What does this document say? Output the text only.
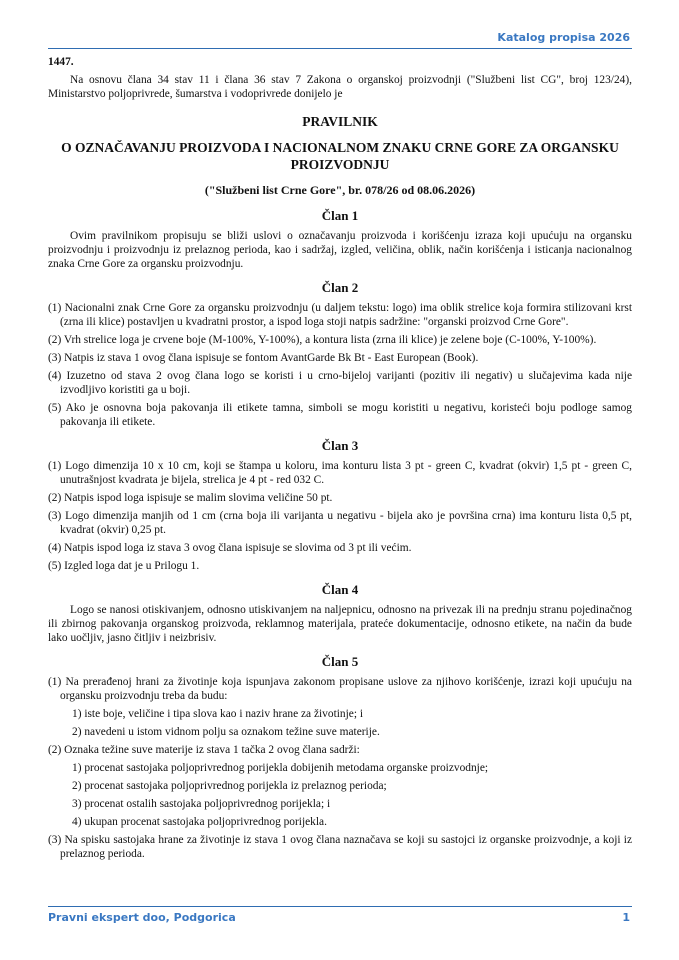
Katalog propisa 2026

1447.

Na osnovu člana 34 stav 11 i člana 36 stav 7 Zakona o organskoj proizvodnji ("Službeni list CG", broj 123/24), Ministarstvo poljoprivrede, šumarstva i vodoprivrede donijelo je

PRAVILNIK

O OZNAČAVANJU PROIZVODA I NACIONALNOM ZNAKU CRNE GORE ZA ORGANSKU PROIZVODNJU

("Službeni list Crne Gore", br. 078/26 od 08.06.2026)

Član 1

Ovim pravilnikom propisuju se bliži uslovi o označavanju proizvoda i korišćenju izraza koji upućuju na organsku proizvodnju i proizvodnju iz prelaznog perioda, kao i sadržaj, izgled, veličina, oblik, način korišćenja i isticanja nacionalnog znaka Crne Gore za organsku proizvodnju.

Član 2

(1) Nacionalni znak Crne Gore za organsku proizvodnju (u daljem tekstu: logo) ima oblik strelice koja formira stilizovani krst (zrna ili klice) postavljen u kvadratni prostor, a ispod loga stoji natpis sadržine: "organski proizvod Crne Gore".

(2) Vrh strelice loga je crvene boje (M-100%, Y-100%), a kontura lista (zrna ili klice) je zelene boje (C-100%, Y-100%).

(3) Natpis iz stava 1 ovog člana ispisuje se fontom AvantGarde Bk Bt - East European (Book).

(4) Izuzetno od stava 2 ovog člana logo se koristi i u crno-bijeloj varijanti (pozitiv ili negativ) u slučajevima kada nije izvodljivo koristiti ga u boji.

(5) Ako je osnovna boja pakovanja ili etikete tamna, simboli se mogu koristiti u negativu, koristeći boju podloge samog pakovanja ili etikete.

Član 3

(1) Logo dimenzija 10 x 10 cm, koji se štampa u koloru, ima konturu lista 3 pt - green C, kvadrat (okvir) 1,5 pt - green C, unutrašnjost kvadrata je bijela, strelica je 4 pt - red 032 C.

(2) Natpis ispod loga ispisuje se malim slovima veličine 50 pt.

(3) Logo dimenzija manjih od 1 cm (crna boja ili varijanta u negativu - bijela ako je površina crna) ima konturu lista 0,5 pt, kvadrat (okvir) 0,25 pt.

(4) Natpis ispod loga iz stava 3 ovog člana ispisuje se slovima od 3 pt ili većim.

(5) Izgled loga dat je u Prilogu 1.

Član 4

Logo se nanosi otiskivanjem, odnosno utiskivanjem na naljepnicu, odnosno na privezak ili na prednju stranu pojedinačnog ili zbirnog pakovanja organskog proizvoda, reklamnog materijala, prateće dokumentacije, odnosno etikete, na način da bude lako uočljiv, jasno čitljiv i neizbrisiv.

Član 5

(1) Na prerađenoj hrani za životinje koja ispunjava zakonom propisane uslove za njihovo korišćenje, izrazi koji upućuju na organsku proizvodnju treba da budu:

1) iste boje, veličine i tipa slova kao i naziv hrane za životinje; i

2) navedeni u istom vidnom polju sa oznakom težine suve materije.

(2) Oznaka težine suve materije iz stava 1 tačka 2 ovog člana sadrži:

1) procenat sastojaka poljoprivrednog porijekla dobijenih metodama organske proizvodnje;

2) procenat sastojaka poljoprivrednog porijekla iz prelaznog perioda;

3) procenat ostalih sastojaka poljoprivrednog porijekla; i

4) ukupan procenat sastojaka poljoprivrednog porijekla.

(3) Na spisku sastojaka hrane za životinje iz stava 1 ovog člana naznačava se koji su sastojci iz organske proizvodnje, a koji iz prelaznog perioda.

Pravni ekspert doo, Podgorica	1
